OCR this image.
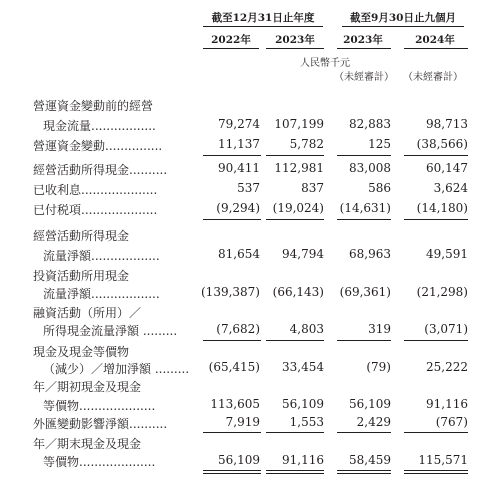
截至12月31日止年度	截至9月30日止九個月
2022年	2023年	2023年	2024年
人民幣千元
（未經審計） （未經審計）
營運資金變動前的經營
現金流量.................	79,274	107,199	82,883	98,713
營運資金變動...............	11,137	5,782	125	(38,566)
經營活動所得現金..........	90,411	112,981	83,008	60,147
已收利息....................	537	837	586	3,624
已付税項....................	(9,294)	(19,024)	(14,631)	(14,180)
經營活動所得現金
流量淨額..................	81,654	94,794	68,963	49,591
投資活動所用現金
流量淨額..................	(139,387)	(66,143)	(69,361)	(21,298)
融資活動（所用）／
所得現金流量淨額 .........	(7,682)	4,803	319	(3,071)
現金及現金等價物
（減少）／增加淨額 .........	(65,415)	33,454	(79)	25,222
年／期初現金及現金
等價物....................	113,605	56,109	56,109	91,116
外匯變動影響淨額..........	7,919	1,553	2,429	(767)
年／期末現金及現金
等價物....................	56,109	91,116	58,459	115,571
